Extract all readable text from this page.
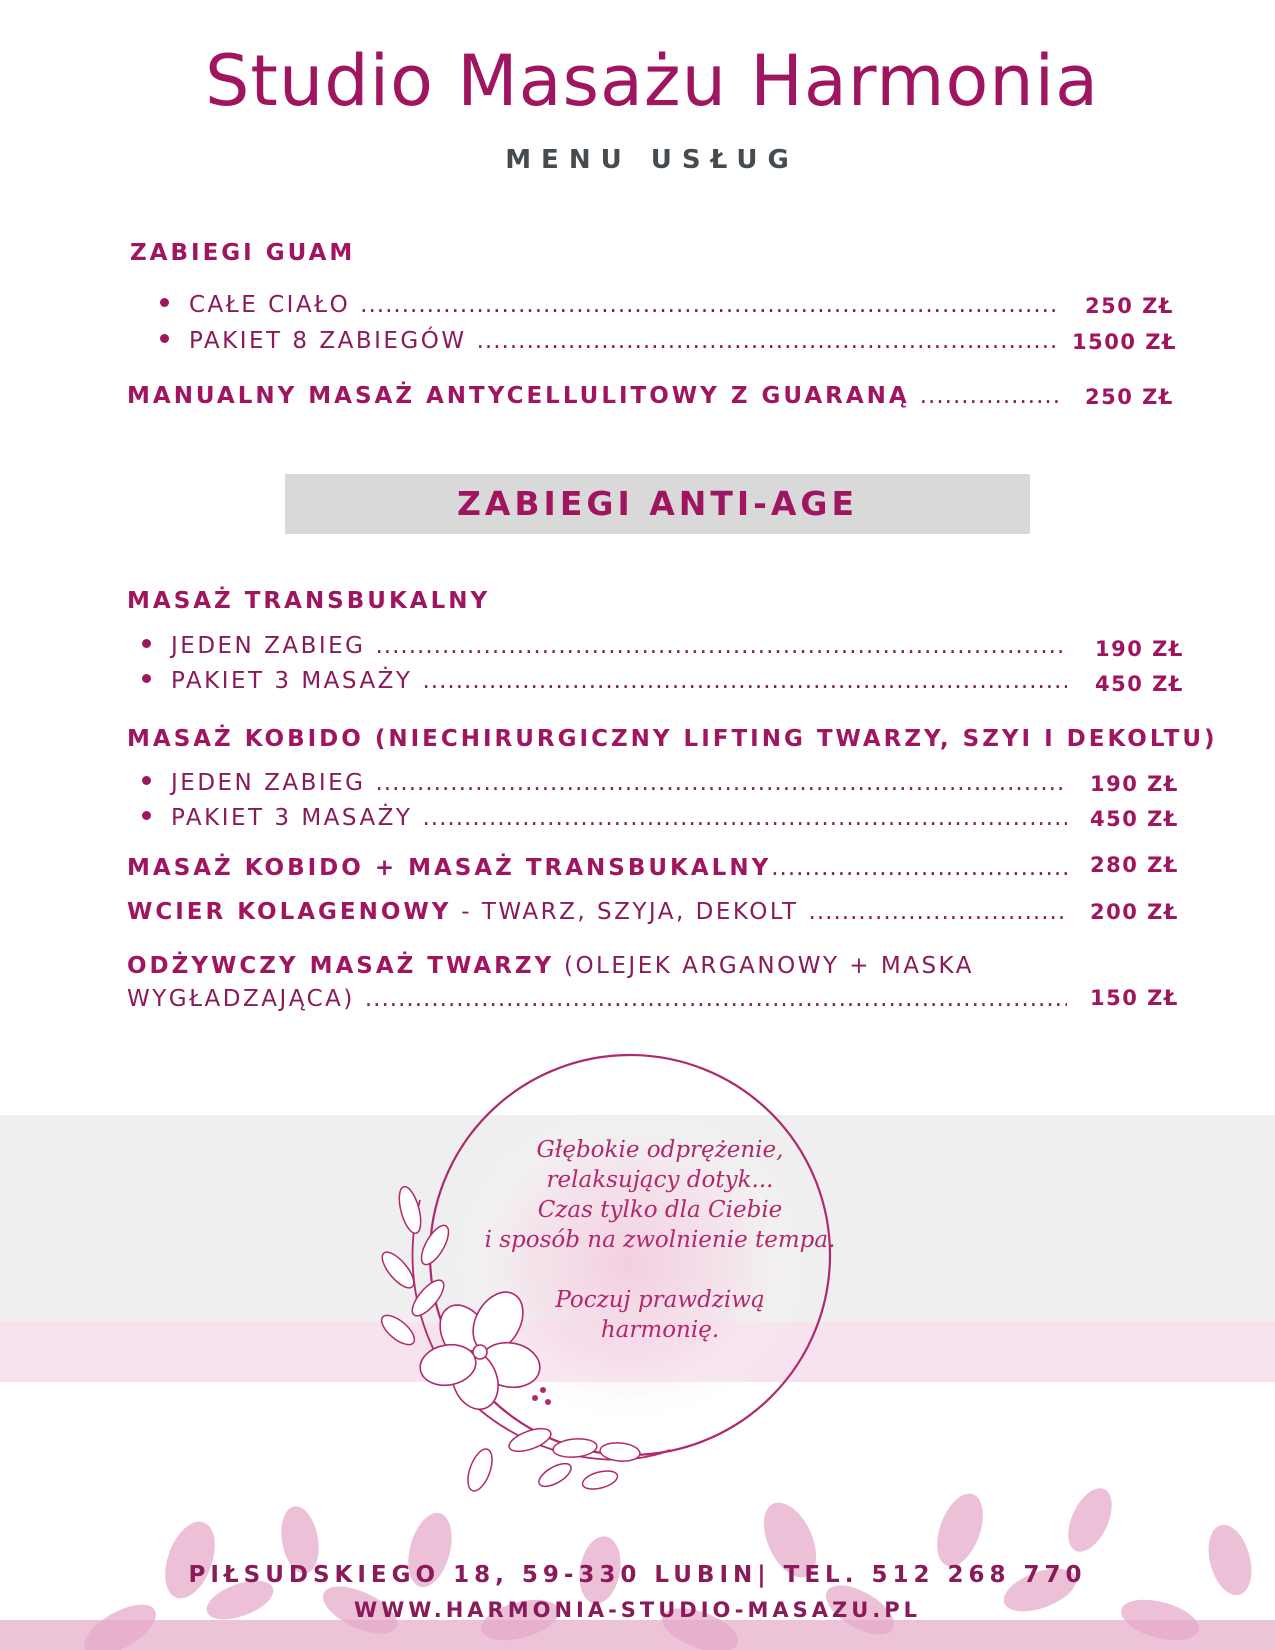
Studio Masażu Harmonia
MENU USŁUG
ZABIEGI GUAM
CAŁE CIAŁO .....	250 ZŁ
PAKIET 8 ZABIEGÓW .....	1500 ZŁ
MANUALNY MASAŻ ANTYCELLULITOWY Z GUARANĄ .....	250 ZŁ
ZABIEGI ANTI-AGE
MASAŻ TRANSBUKALNY
JEDEN ZABIEG .....	190 ZŁ
PAKIET 3 MASAŻY .....	450 ZŁ
MASAŻ KOBIDO (NIECHIRURGICZNY LIFTING TWARZY, SZYI I DEKOLTU)
JEDEN ZABIEG .....	190 ZŁ
PAKIET 3 MASAŻY .....	450 ZŁ
MASAŻ KOBIDO + MASAŻ TRANSBUKALNY .....	280 ZŁ
WCIER KOLAGENOWY - TWARZ, SZYJA, DEKOLT .....	200 ZŁ
ODŻYWCZY MASAŻ TWARZY (OLEJEK ARGANOWY + MASKA
WYGŁADZAJĄCA) .....	150 ZŁ
Głębokie odprężenie,
relaksujący dotyk...
Czas tylko dla Ciebie
i sposób na zwolnienie tempa.
Poczuj prawdziwą
harmonię.
PIŁSUDSKIEGO 18, 59-330 LUBIN| TEL. 512 268 770
WWW.HARMONIA-STUDIO-MASAZU.PL
